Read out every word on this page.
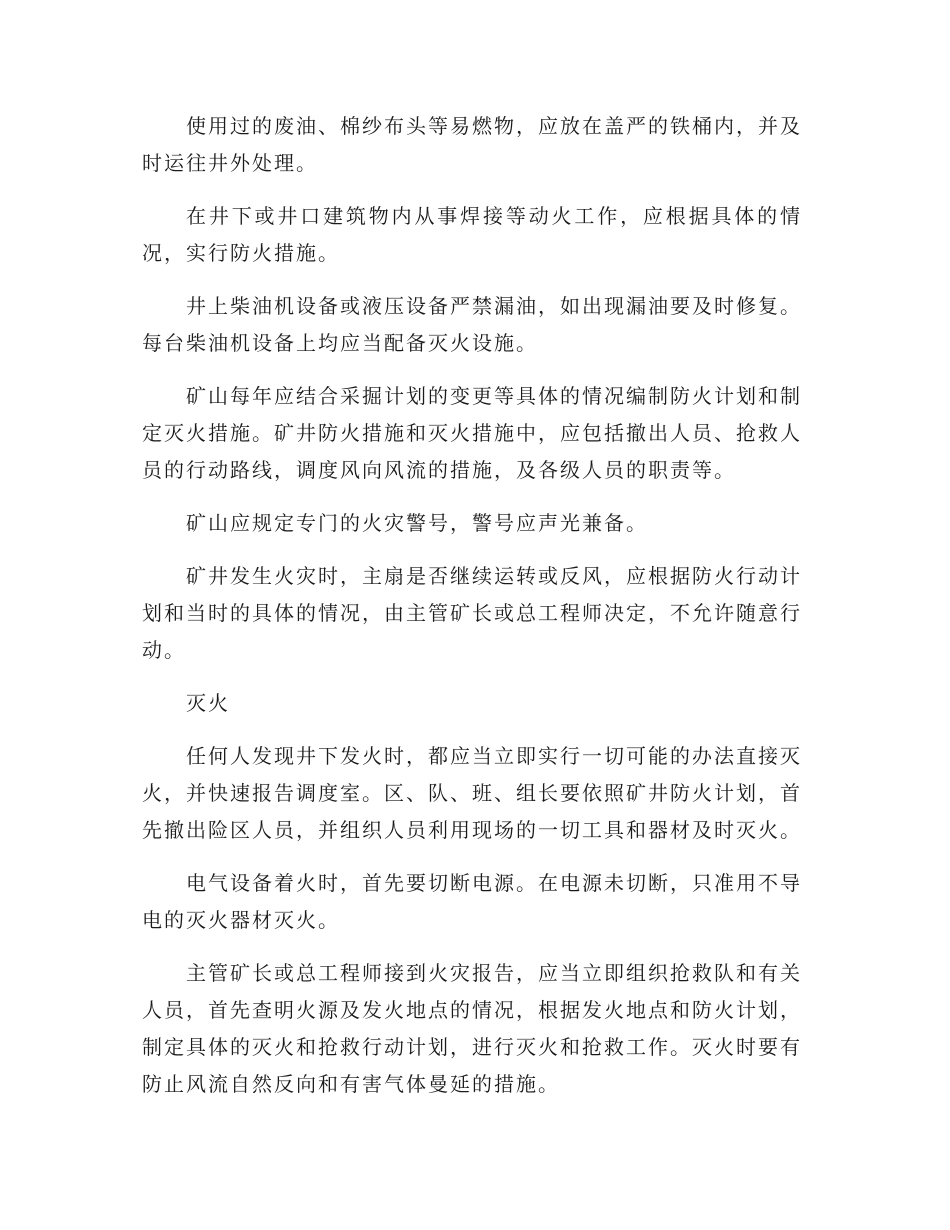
使用过的废油、棉纱布头等易燃物，应放在盖严的铁桶内，并及时运往井外处理。

在井下或井口建筑物内从事焊接等动火工作，应根据具体的情况，实行防火措施。

井上柴油机设备或液压设备严禁漏油，如出现漏油要及时修复。每台柴油机设备上均应当配备灭火设施。

矿山每年应结合采掘计划的变更等具体的情况编制防火计划和制定灭火措施。矿井防火措施和灭火措施中，应包括撤出人员、抢救人员的行动路线，调度风向风流的措施，及各级人员的职责等。

矿山应规定专门的火灾警号，警号应声光兼备。

矿井发生火灾时，主扇是否继续运转或反风，应根据防火行动计划和当时的具体的情况，由主管矿长或总工程师决定，不允许随意行动。

灭火

任何人发现井下发火时，都应当立即实行一切可能的办法直接灭火，并快速报告调度室。区、队、班、组长要依照矿井防火计划，首先撤出险区人员，并组织人员利用现场的一切工具和器材及时灭火。

电气设备着火时，首先要切断电源。在电源未切断，只准用不导电的灭火器材灭火。

主管矿长或总工程师接到火灾报告，应当立即组织抢救队和有关人员，首先查明火源及发火地点的情况，根据发火地点和防火计划，制定具体的灭火和抢救行动计划，进行灭火和抢救工作。灭火时要有防止风流自然反向和有害气体曼延的措施。
